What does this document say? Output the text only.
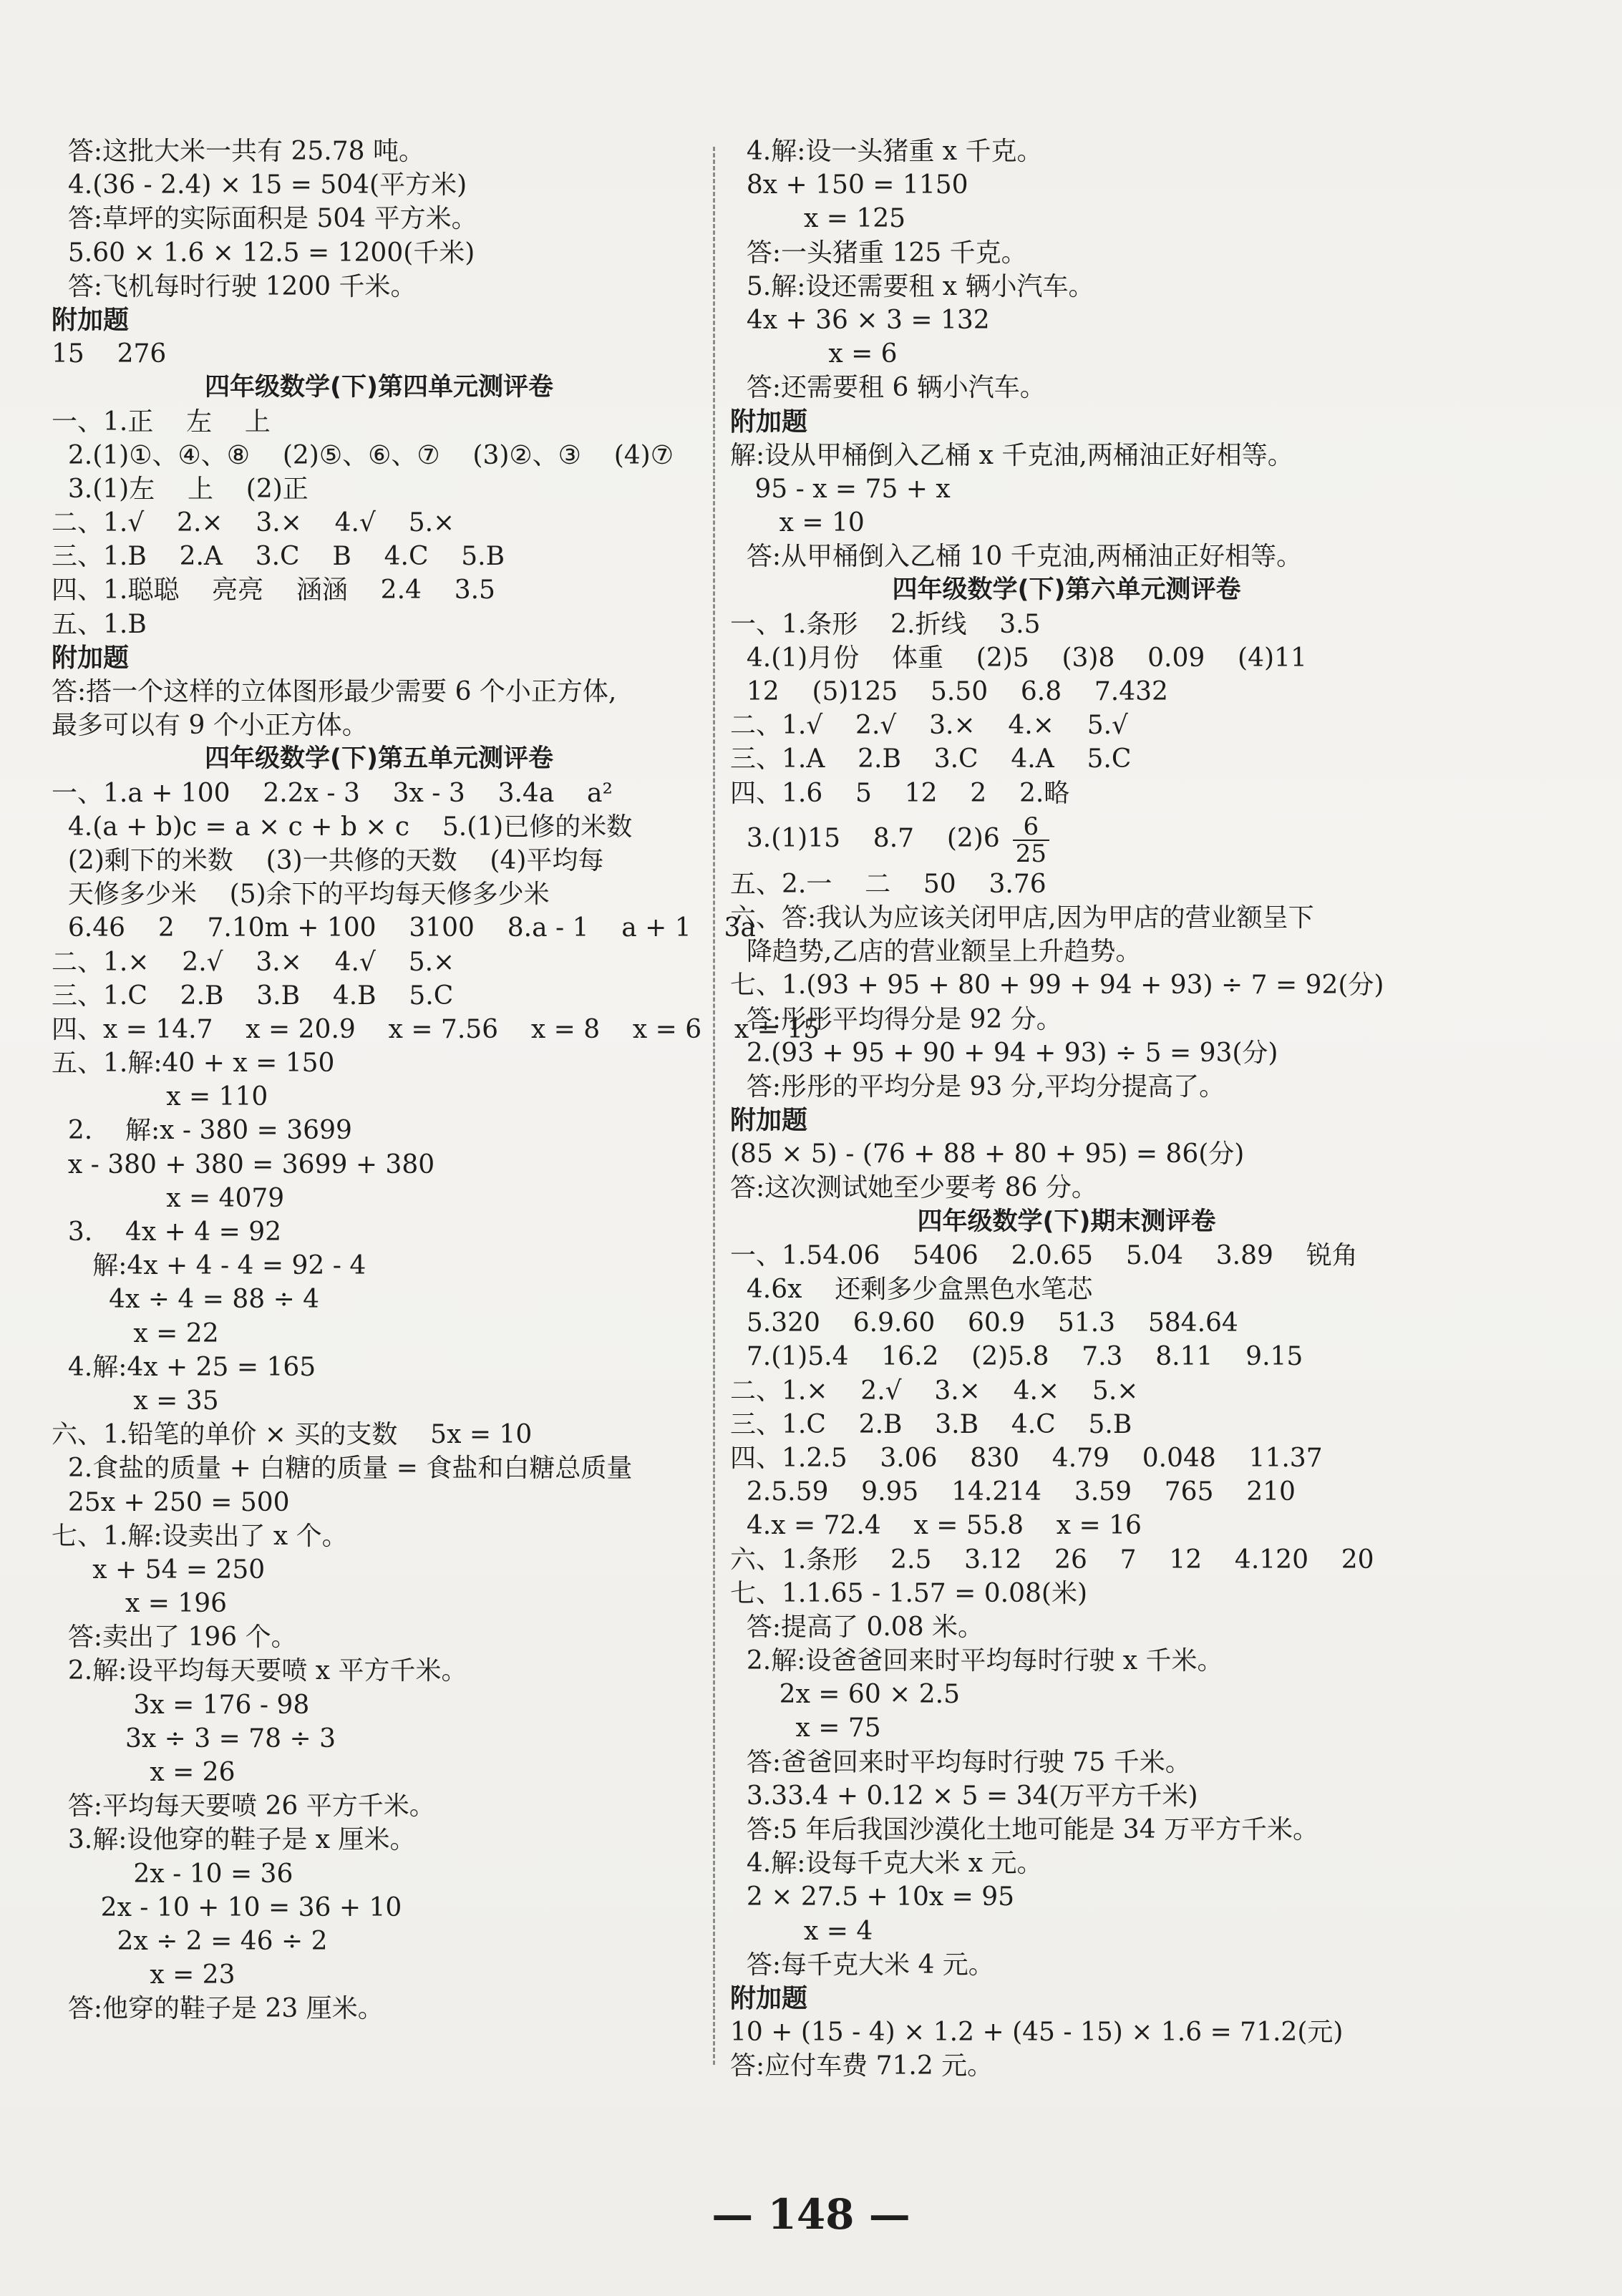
答:这批大米一共有 25.78 吨。
4.(36 - 2.4) × 15 = 504(平方米)
答:草坪的实际面积是 504 平方米。
5.60 × 1.6 × 12.5 = 1200(千米)
答:飞机每时行驶 1200 千米。
附加题
15    276
四年级数学(下)第四单元测评卷
一、1.正    左    上
2.(1)①、④、⑧    (2)⑤、⑥、⑦    (3)②、③    (4)⑦
3.(1)左    上    (2)正
二、1.√    2.×    3.×    4.√    5.×
三、1.B    2.A    3.C    B    4.C    5.B
四、1.聪聪    亮亮    涵涵    2.4    3.5
五、1.B
附加题
答:搭一个这样的立体图形最少需要 6 个小正方体,
最多可以有 9 个小正方体。
四年级数学(下)第五单元测评卷
一、1.a + 100    2.2x - 3    3x - 3    3.4a    a²
4.(a + b)c = a × c + b × c    5.(1)已修的米数
(2)剩下的米数    (3)一共修的天数    (4)平均每
天修多少米    (5)余下的平均每天修多少米
6.46    2    7.10m + 100    3100    8.a - 1    a + 1    3a
二、1.×    2.√    3.×    4.√    5.×
三、1.C    2.B    3.B    4.B    5.C
四、x = 14.7    x = 20.9    x = 7.56    x = 8    x = 6    x = 15
五、1.解:40 + x = 150
x = 110
2.    解:x - 380 = 3699
x - 380 + 380 = 3699 + 380
x = 4079
3.    4x + 4 = 92
解:4x + 4 - 4 = 92 - 4
4x ÷ 4 = 88 ÷ 4
x = 22
4.解:4x + 25 = 165
x = 35
六、1.铅笔的单价 × 买的支数    5x = 10
2.食盐的质量 + 白糖的质量 = 食盐和白糖总质量
25x + 250 = 500
七、1.解:设卖出了 x 个。
x + 54 = 250
x = 196
答:卖出了 196 个。
2.解:设平均每天要喷 x 平方千米。
3x = 176 - 98
3x ÷ 3 = 78 ÷ 3
x = 26
答:平均每天要喷 26 平方千米。
3.解:设他穿的鞋子是 x 厘米。
2x - 10 = 36
2x - 10 + 10 = 36 + 10
2x ÷ 2 = 46 ÷ 2
x = 23
答:他穿的鞋子是 23 厘米。
4.解:设一头猪重 x 千克。
8x + 150 = 1150
x = 125
答:一头猪重 125 千克。
5.解:设还需要租 x 辆小汽车。
4x + 36 × 3 = 132
x = 6
答:还需要租 6 辆小汽车。
附加题
解:设从甲桶倒入乙桶 x 千克油,两桶油正好相等。
95 - x = 75 + x
x = 10
答:从甲桶倒入乙桶 10 千克油,两桶油正好相等。
四年级数学(下)第六单元测评卷
一、1.条形    2.折线    3.5
4.(1)月份    体重    (2)5    (3)8    0.09    (4)11
12    (5)125    5.50    6.8    7.432
二、1.√    2.√    3.×    4.×    5.√
三、1.A    2.B    3.C    4.A    5.C
四、1.6    5    12    2    2.略
3.(1)15    8.7    $(2)6 \frac{6}{25}$
五、2.一    二    50    3.76
六、答:我认为应该关闭甲店,因为甲店的营业额呈下
降趋势,乙店的营业额呈上升趋势。
七、1.(93 + 95 + 80 + 99 + 94 + 93) ÷ 7 = 92(分)
答:彤彤平均得分是 92 分。
2.(93 + 95 + 90 + 94 + 93) ÷ 5 = 93(分)
答:彤彤的平均分是 93 分,平均分提高了。
附加题
(85 × 5) - (76 + 88 + 80 + 95) = 86(分)
答:这次测试她至少要考 86 分。
四年级数学(下)期末测评卷
一、1.54.06    5406    2.0.65    5.04    3.89    锐角
4.6x    还剩多少盒黑色水笔芯
5.320    6.9.60    60.9    51.3    584.64
7.(1)5.4    16.2    (2)5.8    7.3    8.11    9.15
二、1.×    2.√    3.×    4.×    5.×
三、1.C    2.B    3.B    4.C    5.B
四、1.2.5    3.06    830    4.79    0.048    11.37
2.5.59    9.95    14.214    3.59    765    210
4.x = 72.4    x = 55.8    x = 16
六、1.条形    2.5    3.12    26    7    12    4.120    20
七、1.1.65 - 1.57 = 0.08(米)
答:提高了 0.08 米。
2.解:设爸爸回来时平均每时行驶 x 千米。
2x = 60 × 2.5
x = 75
答:爸爸回来时平均每时行驶 75 千米。
3.33.4 + 0.12 × 5 = 34(万平方千米)
答:5 年后我国沙漠化土地可能是 34 万平方千米。
4.解:设每千克大米 x 元。
2 × 27.5 + 10x = 95
x = 4
答:每千克大米 4 元。
附加题
10 + (15 - 4) × 1.2 + (45 - 15) × 1.6 = 71.2(元)
答:应付车费 71.2 元。
— 148 —
